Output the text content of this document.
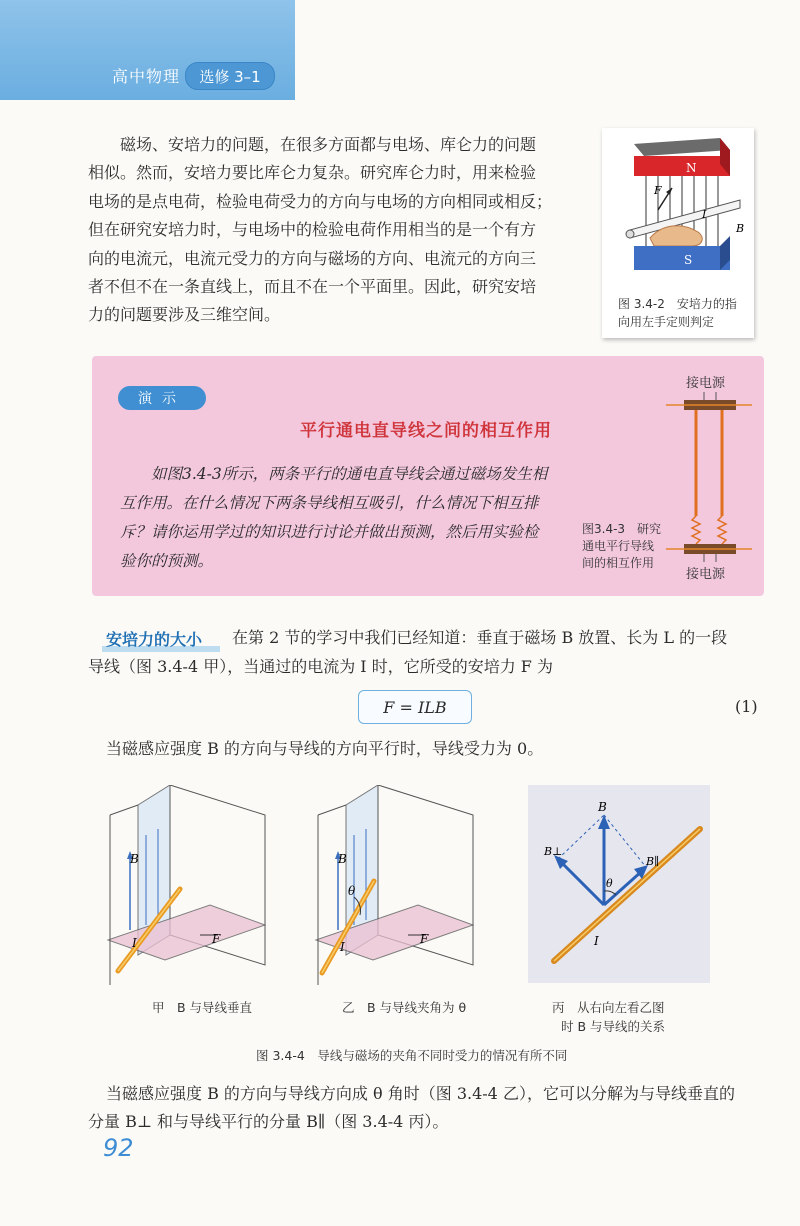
高中物理	选修 3–1

磁场、安培力的问题，在很多方面都与电场、库仑力的问题

相似。然而，安培力要比库仑力复杂。研究库仑力时，用来检验

电场的是点电荷，检验电荷受力的方向与电场的方向相同或相反；

但在研究安培力时，与电场中的检验电荷作用相当的是一个有方

向的电流元，电流元受力的方向与磁场的方向、电流元的方向三

者不但不在一条直线上，而且不在一个平面里。因此，研究安培

力的问题要涉及三维空间。

N
F
I
B
S
图 3.4-2　安培力的指
向用左手定则判定
演示
平行通电直导线之间的相互作用
如图3.4-3所示，两条平行的通电直导线会通过磁场发生相
互作用。在什么情况下两条导线相互吸引，什么情况下相互排
斥？请你运用学过的知识进行讨论并做出预测，然后用实验检
验你的预测。
接电源
图3.4-3　研究
通电平行导线
间的相互作用
接电源
安培力的大小 在第 2 节的学习中我们已经知道：垂直于磁场 B 放置、长为 L 的一段

导线（图 3.4-4 甲），当通过的电流为 I 时，它所受的安培力 F 为

F = ILB	(1)

当磁感应强度 B 的方向与导线的方向平行时，导线受力为 0。

B
I	F
B
θ
I
F
B
B⊥
B∥
θ
I
甲　B 与导线垂直	乙　B 与导线夹角为 θ	丙　从右向左看乙图
时 B 与导线的关系
图 3.4-4　导线与磁场的夹角不同时受力的情况有所不同

当磁感应强度 B 的方向与导线方向成 θ 角时（图 3.4-4 乙），它可以分解为与导线垂直的

分量 B⊥ 和与导线平行的分量 B∥（图 3.4-4 丙）。

92
